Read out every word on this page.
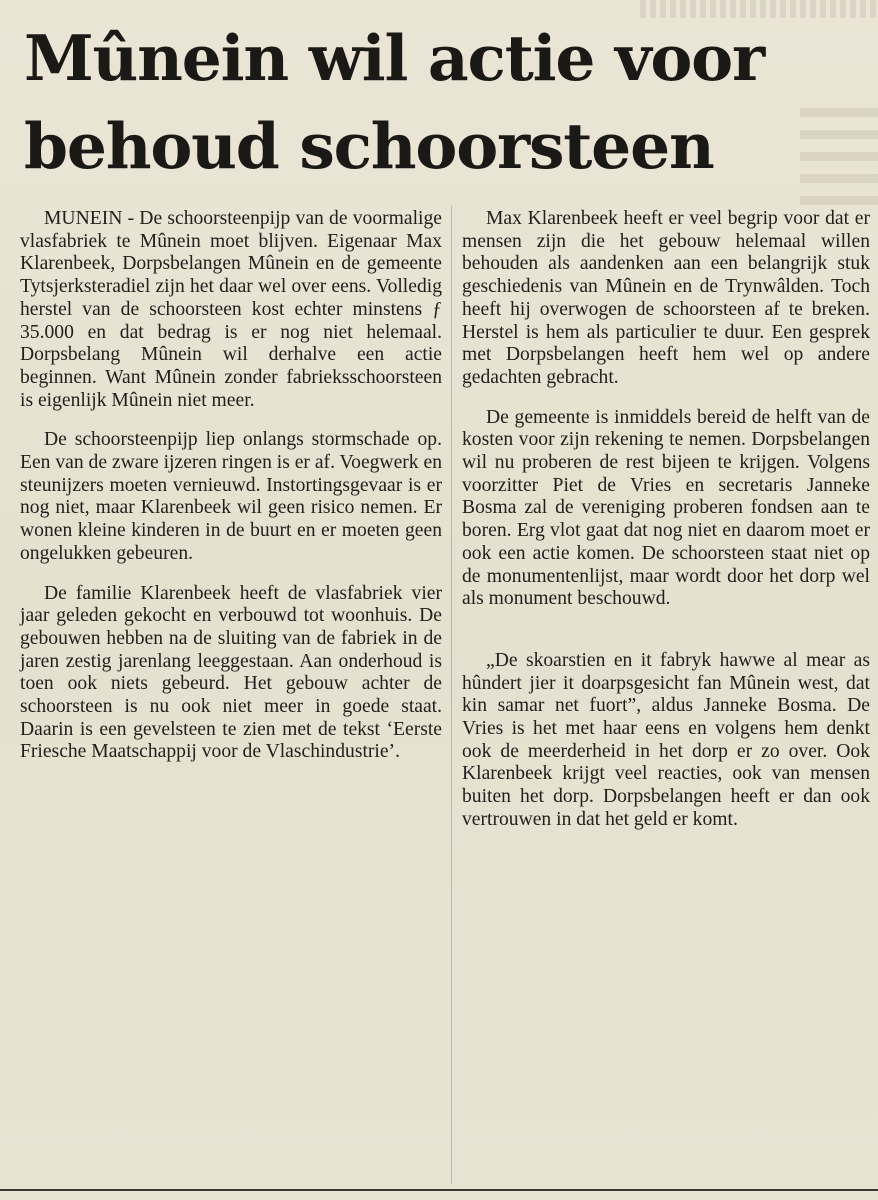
Mûnein wil actie voor
behoud schoorsteen

MUNEIN - De schoorsteenpijp van de voormalige vlasfabriek te Mûnein moet blijven. Eigenaar Max Klarenbeek, Dorpsbelangen Mûnein en de gemeente Tytsjerksteradiel zijn het daar wel over eens. Volledig herstel van de schoorsteen kost echter minstens ƒ 35.000 en dat bedrag is er nog niet helemaal. Dorpsbelang Mûnein wil derhalve een actie beginnen. Want Mûnein zonder fabrieksschoorsteen is eigenlijk Mûnein niet meer.

De schoorsteenpijp liep onlangs stormschade op. Een van de zware ijzeren ringen is er af. Voegwerk en steunijzers moeten vernieuwd. Instortingsgevaar is er nog niet, maar Klarenbeek wil geen risico nemen. Er wonen kleine kinderen in de buurt en er moeten geen ongelukken gebeuren.

De familie Klarenbeek heeft de vlasfabriek vier jaar geleden gekocht en verbouwd tot woonhuis. De gebouwen hebben na de sluiting van de fabriek in de jaren zestig jarenlang leeggestaan. Aan onderhoud is toen ook niets gebeurd. Het gebouw achter de schoorsteen is nu ook niet meer in goede staat. Daarin is een gevelsteen te zien met de tekst ‘Eerste Friesche Maatschappij voor de Vlaschindustrie’.

Max Klarenbeek heeft er veel begrip voor dat er mensen zijn die het gebouw helemaal willen behouden als aandenken aan een belangrijk stuk geschiedenis van Mûnein en de Trynwâlden. Toch heeft hij overwogen de schoorsteen af te breken. Herstel is hem als particulier te duur. Een gesprek met Dorpsbelangen heeft hem wel op andere gedachten gebracht.

De gemeente is inmiddels bereid de helft van de kosten voor zijn rekening te nemen. Dorpsbelangen wil nu proberen de rest bijeen te krijgen. Volgens voorzitter Piet de Vries en secretaris Janneke Bosma zal de vereniging proberen fondsen aan te boren. Erg vlot gaat dat nog niet en daarom moet er ook een actie komen. De schoorsteen staat niet op de monumentenlijst, maar wordt door het dorp wel als monument beschouwd.

„De skoarstien en it fabryk hawwe al mear as hûndert jier it doarpsgesicht fan Mûnein west, dat kin samar net fuort”, aldus Janneke Bosma. De Vries is het met haar eens en volgens hem denkt ook de meerderheid in het dorp er zo over. Ook Klarenbeek krijgt veel reacties, ook van mensen buiten het dorp. Dorpsbelangen heeft er dan ook vertrouwen in dat het geld er komt.
